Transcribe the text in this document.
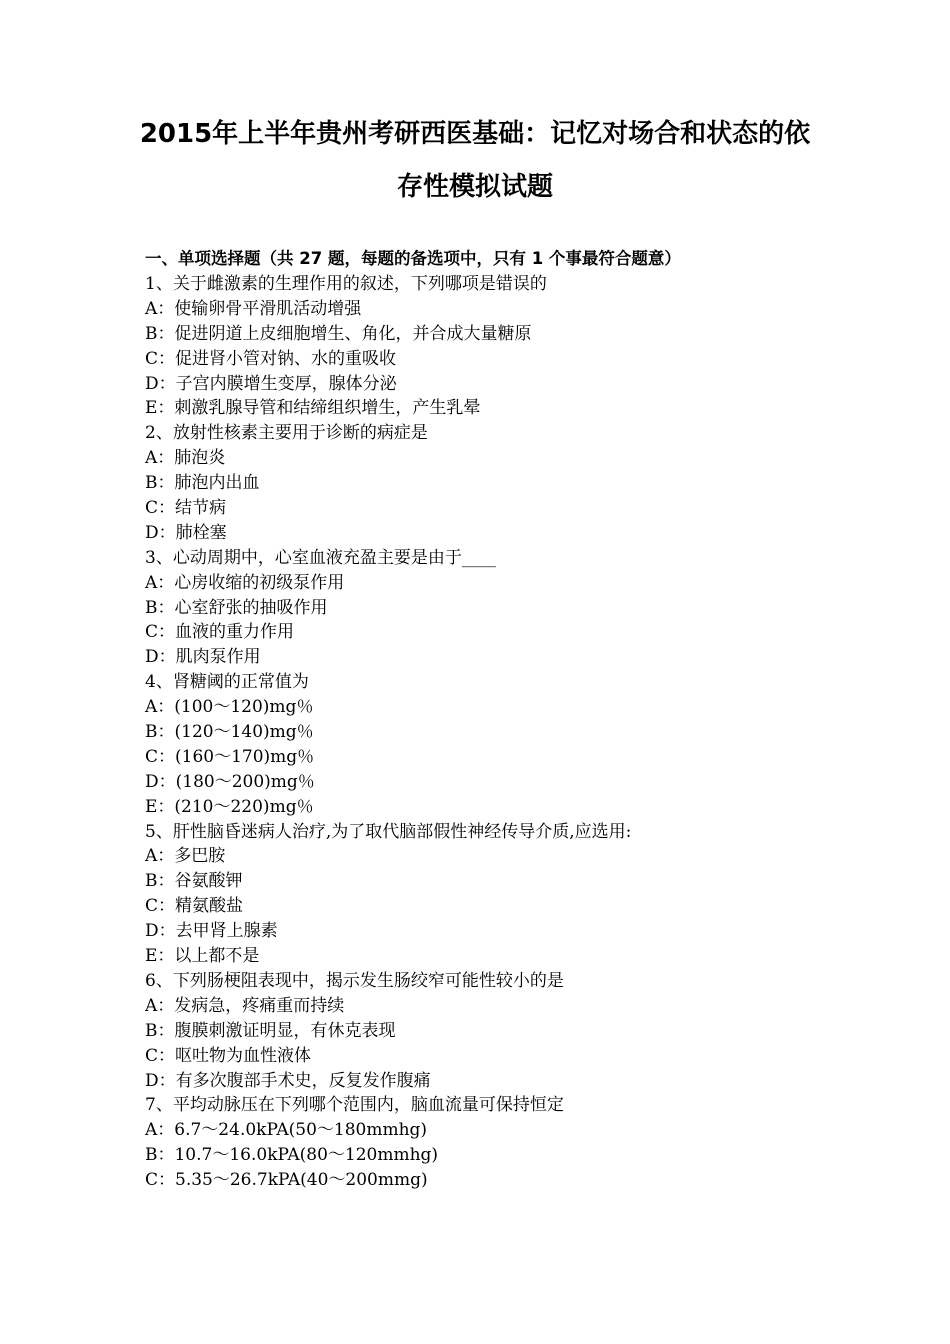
2015年上半年贵州考研西医基础：记忆对场合和状态的依
存性模拟试题
一、单项选择题（共 27 题，每题的备选项中，只有 1 个事最符合题意）
1、关于雌激素的生理作用的叙述，下列哪项是错误的
A：使输卵骨平滑肌活动增强
B：促进阴道上皮细胞增生、角化，并合成大量糖原
C：促进肾小管对钠、水的重吸收
D：子宫内膜增生变厚，腺体分泌
E：刺激乳腺导管和结缔组织增生，产生乳晕
2、放射性核素主要用于诊断的病症是
A：肺泡炎
B：肺泡内出血
C：结节病
D：肺栓塞
3、心动周期中，心室血液充盈主要是由于____
A：心房收缩的初级泵作用
B：心室舒张的抽吸作用
C：血液的重力作用
D：肌肉泵作用
4、肾糖阈的正常值为
A：(100～120)mg％
B：(120～140)mg％
C：(160～170)mg％
D：(180～200)mg％
E：(210～220)mg％
5、肝性脑昏迷病人治疗,为了取代脑部假性神经传导介质,应选用:
A：多巴胺
B：谷氨酸钾
C：精氨酸盐
D：去甲肾上腺素
E：以上都不是
6、下列肠梗阻表现中，揭示发生肠绞窄可能性较小的是
A：发病急，疼痛重而持续
B：腹膜刺激证明显，有休克表现
C：呕吐物为血性液体
D：有多次腹部手术史，反复发作腹痛
7、平均动脉压在下列哪个范围内，脑血流量可保持恒定
A：6.7～24.0kPA(50～180mmhg)
B：10.7～16.0kPA(80～120mmhg)
C：5.35～26.7kPA(40～200mmg)
